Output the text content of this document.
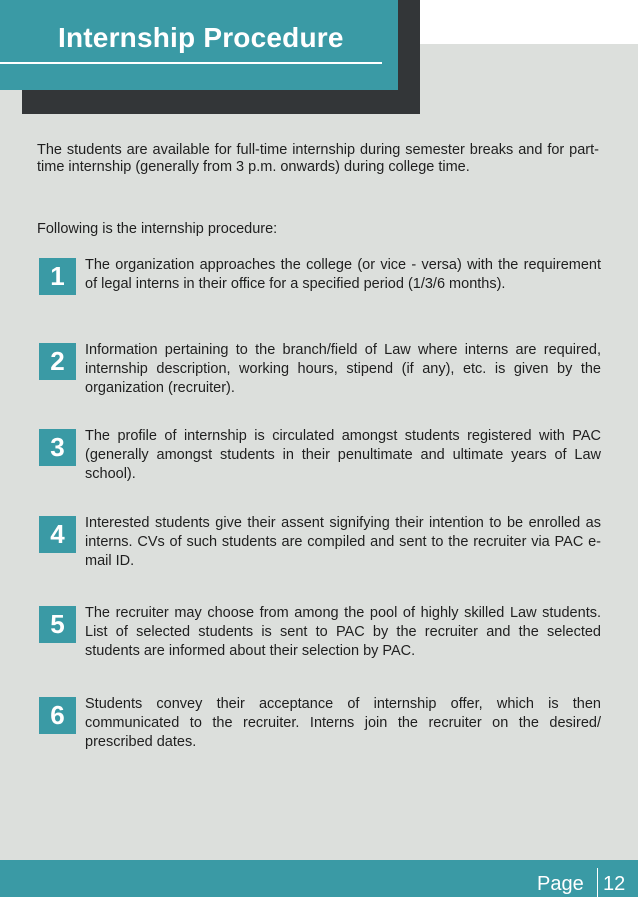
Internship Procedure
The students are available for full-time internship during semester breaks and for part-time internship (generally from 3 p.m. onwards) during college time.
Following is the internship procedure:
1	The organization approaches the college (or vice - versa) with the requirement of legal interns in their office for a specified period (1/3/6 months).
2	Information pertaining to the branch/field of Law where interns are required, internship description, working hours, stipend (if any), etc. is given by the organization (recruiter).
3	The profile of internship is circulated amongst students registered with PAC (generally amongst students in their penultimate and ultimate years of Law school).
4	Interested students give their assent signifying their intention to be enrolled as interns. CVs of such students are compiled and sent to the recruiter via PAC e-mail ID.
5	The recruiter may choose from among the pool of highly skilled Law students. List of selected students is sent to PAC by the recruiter and the selected students are informed about their selection by PAC.
6	Students convey their acceptance of internship offer, which is then communicated to the recruiter. Interns join the recruiter on the desired/ prescribed dates.
Page 12
